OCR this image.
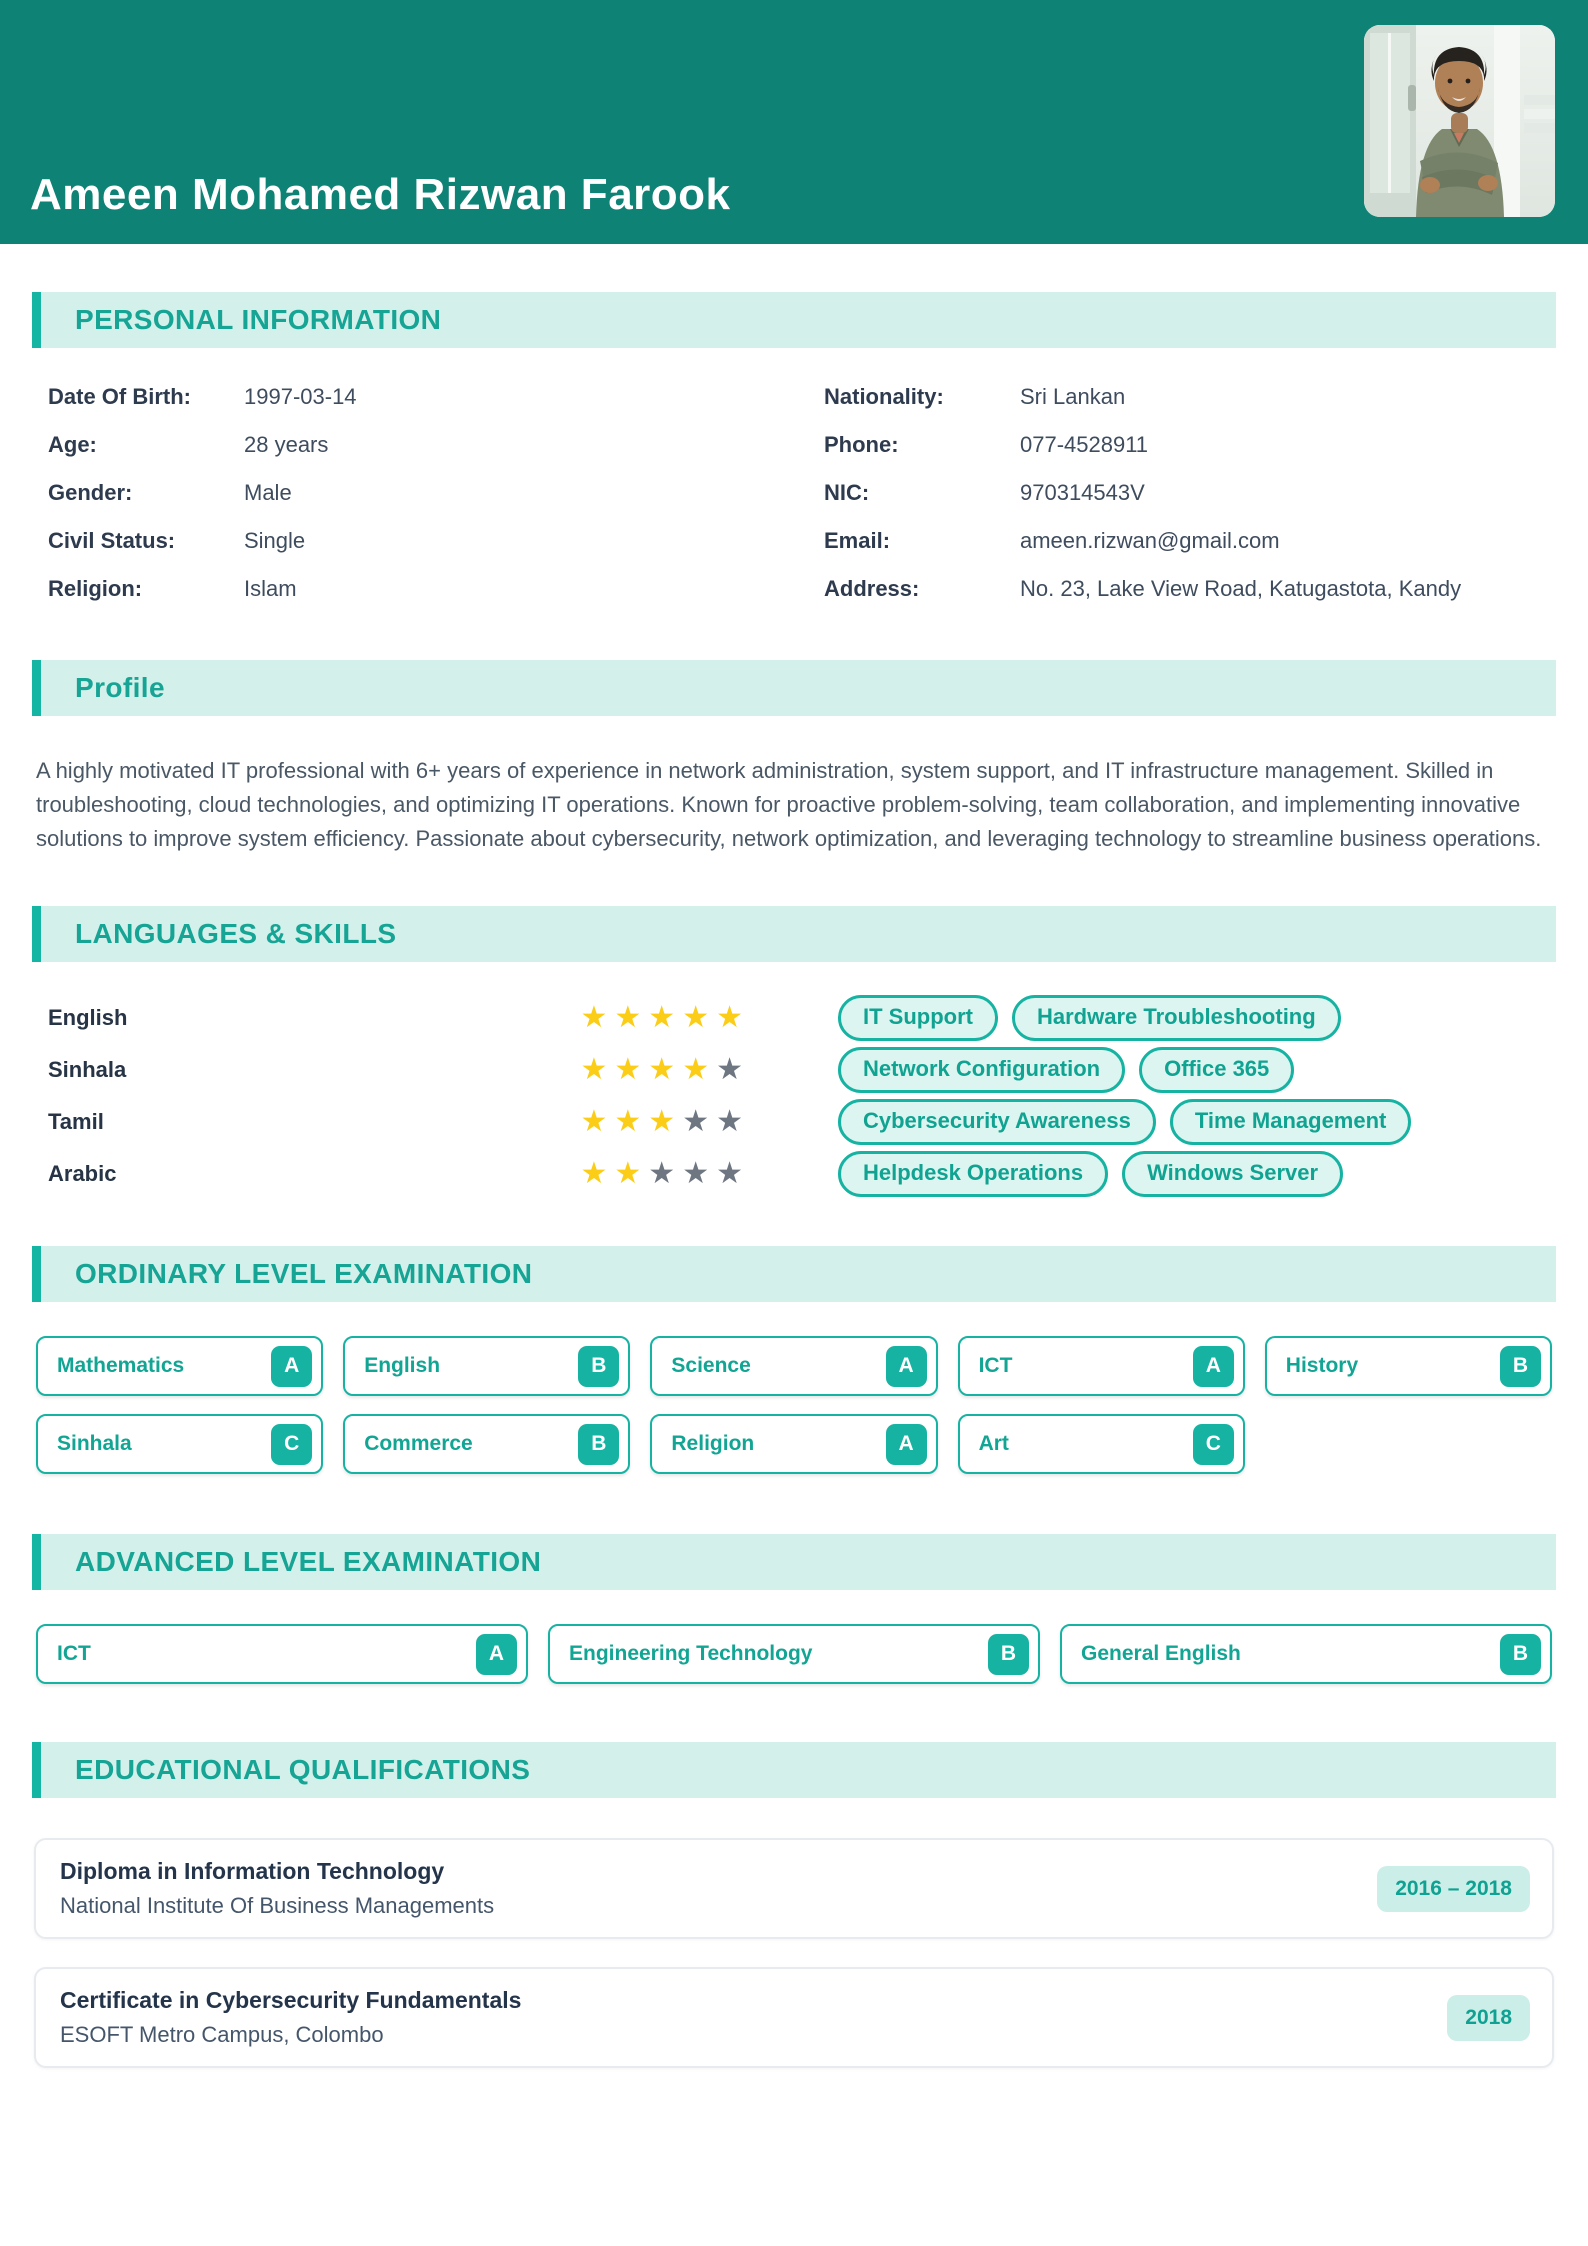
Ameen Mohamed Rizwan Farook
PERSONAL INFORMATION
Date Of Birth:	1997-03-14
Age:	28 years
Gender:	Male
Civil Status:	Single
Religion:	Islam
Nationality:	Sri Lankan
Phone:	077-4528911
NIC:	970314543V
Email:	ameen.rizwan@gmail.com
Address:	No. 23, Lake View Road, Katugastota, Kandy
Profile

A highly motivated IT professional with 6+ years of experience in network administration, system support, and IT infrastructure management. Skilled in troubleshooting, cloud technologies, and optimizing IT operations. Known for proactive problem-solving, team collaboration, and implementing innovative solutions to improve system efficiency. Passionate about cybersecurity, network optimization, and leveraging technology to streamline business operations.

LANGUAGES & SKILLS
English	★★★★★
Sinhala	★★★★★
Tamil	★★★★★
Arabic	★★★★★
IT Support	Hardware Troubleshooting
Network Configuration	Office 365
Cybersecurity Awareness	Time Management
Helpdesk Operations	Windows Server
ORDINARY LEVEL EXAMINATION
Mathematics	A	English	B	Science	A	ICT	A	History	B
Sinhala	C	Commerce	B	Religion	A	Art	C
ADVANCED LEVEL EXAMINATION
ICT	A	Engineering Technology	B	General English	B
EDUCATIONAL QUALIFICATIONS
Diploma in Information Technology
National Institute Of Business Managements
2016 – 2018
Certificate in Cybersecurity Fundamentals
ESOFT Metro Campus, Colombo
2018
